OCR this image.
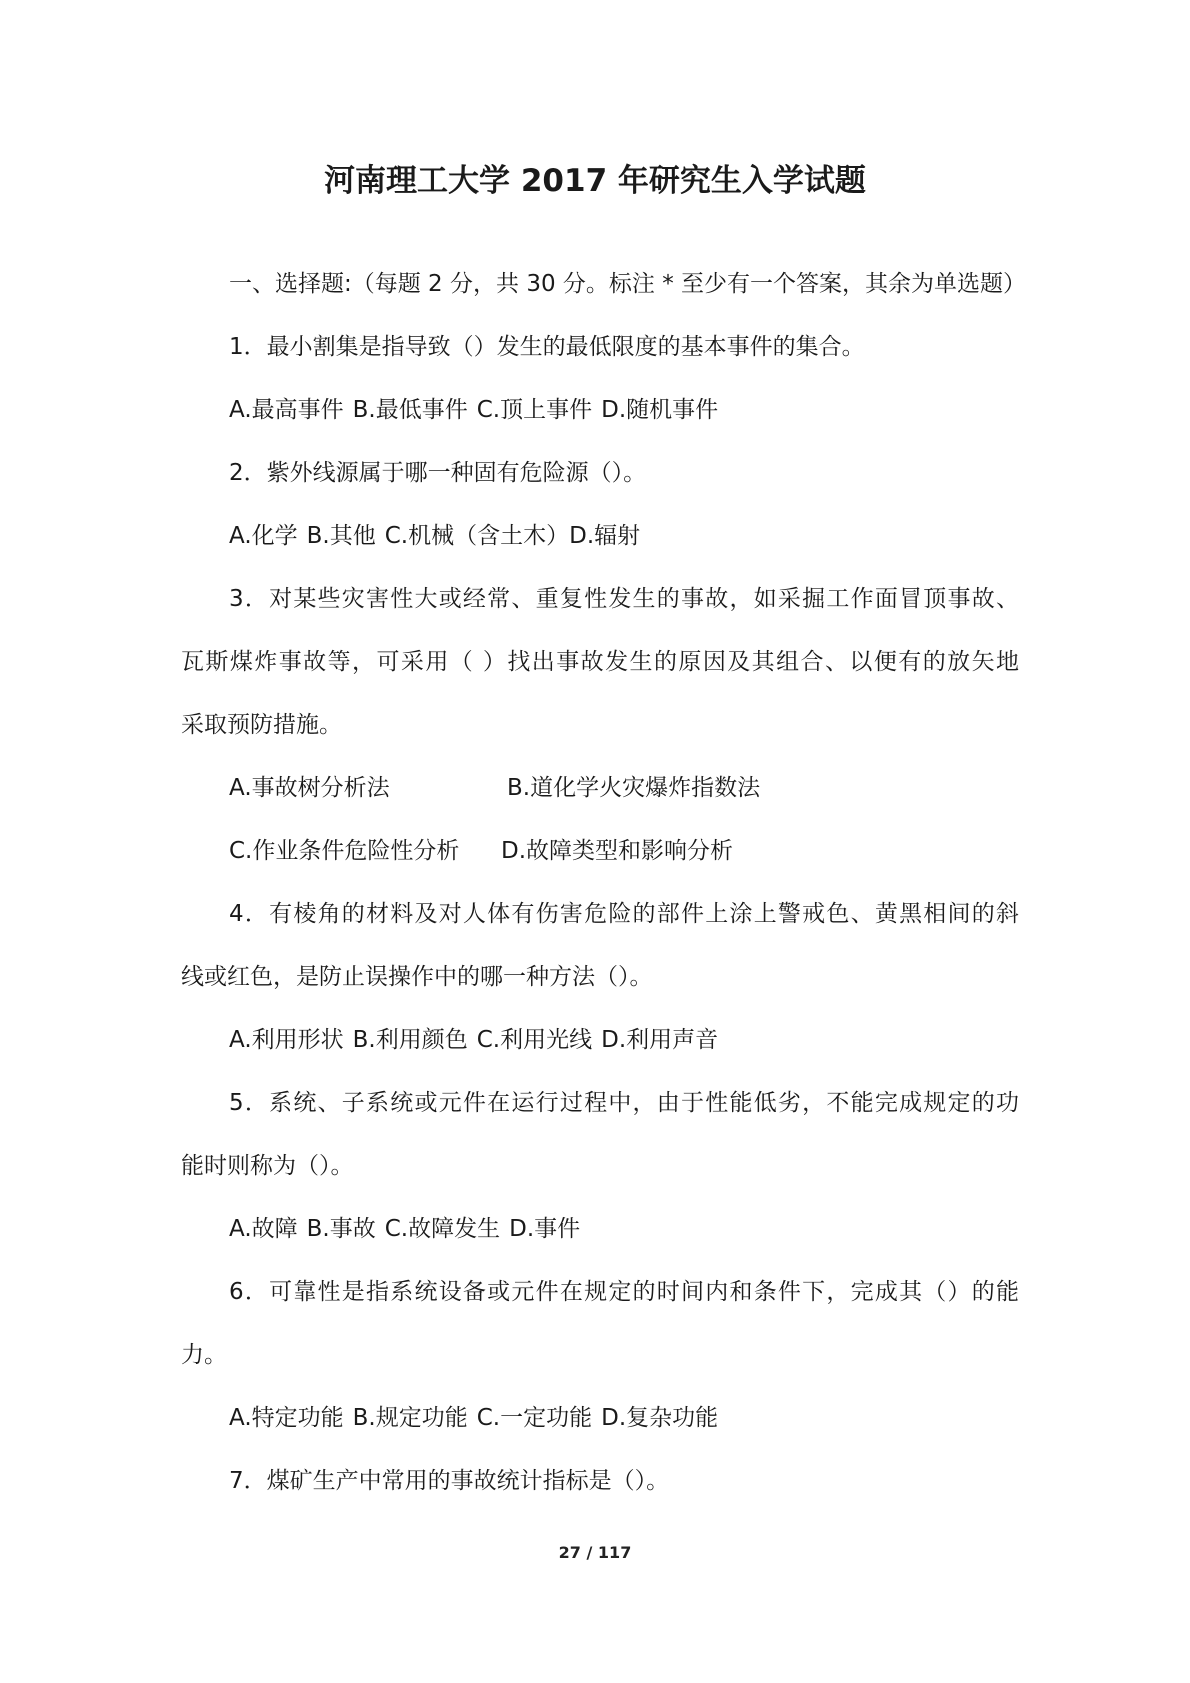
河南理工大学 2017 年研究生入学试题
一、选择题:（每题 2 分，共 30 分。标注 * 至少有一个答案，其余为单选题）
1．最小割集是指导致（）发生的最低限度的基本事件的集合。
A.最高事件 B.最低事件 C.顶上事件 D.随机事件
2．紫外线源属于哪一种固有危险源（）。
A.化学 B.其他 C.机械（含土木）D.辐射
3．对某些灾害性大或经常、重复性发生的事故，如采掘工作面冒顶事故、
瓦斯煤炸事故等，可采用（ ）找出事故发生的原因及其组合、以便有的放矢地
采取预防措施。
A.事故树分析法	B.道化学火灾爆炸指数法
C.作业条件危险性分析 D.故障类型和影响分析
4．有棱角的材料及对人体有伤害危险的部件上涂上警戒色、黄黑相间的斜
线或红色，是防止误操作中的哪一种方法（）。
A.利用形状 B.利用颜色 C.利用光线 D.利用声音
5．系统、子系统或元件在运行过程中，由于性能低劣，不能完成规定的功
能时则称为（）。
A.故障 B.事故 C.故障发生 D.事件
6．可靠性是指系统设备或元件在规定的时间内和条件下，完成其（）的能
力。
A.特定功能 B.规定功能 C.一定功能 D.复杂功能
7．煤矿生产中常用的事故统计指标是（）。
27 / 117
